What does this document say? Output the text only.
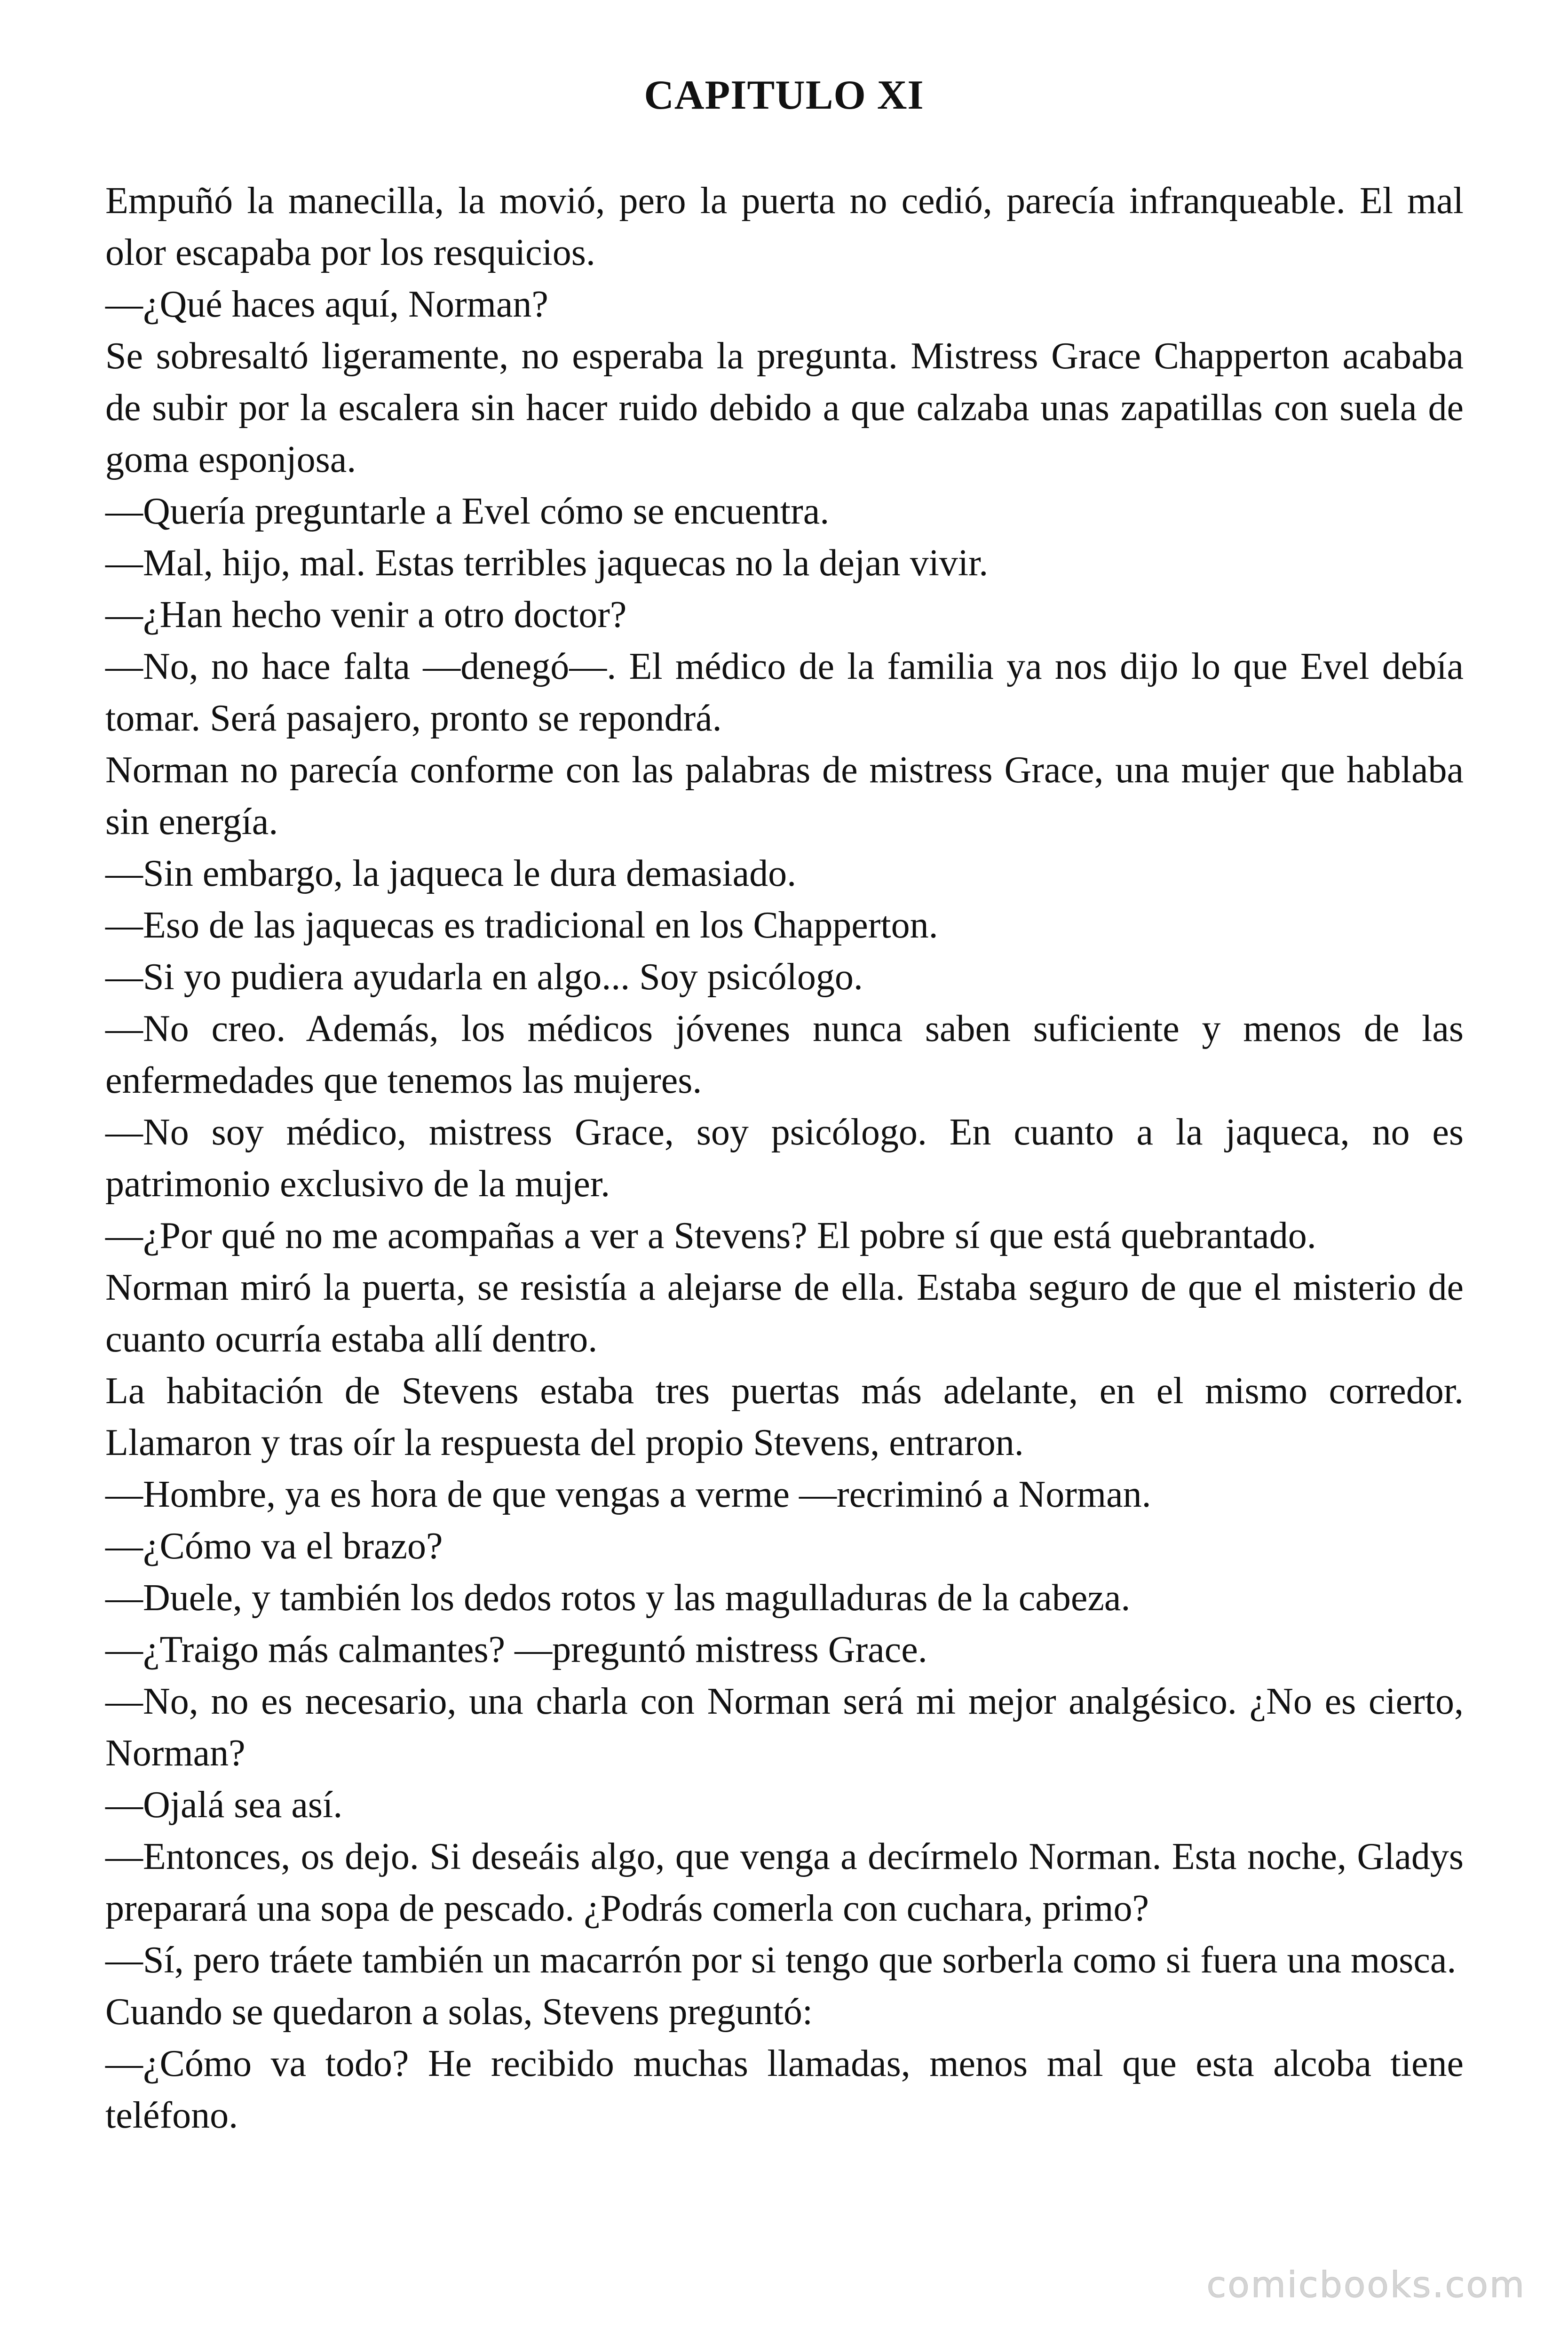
CAPITULO XI

Empuñó la manecilla, la movió, pero la puerta no cedió, parecía infranqueable. El mal olor escapaba por los resquicios.

—¿Qué haces aquí, Norman?

Se sobresaltó ligeramente, no esperaba la pregunta. Mistress Grace Chapperton acababa de subir por la escalera sin hacer ruido debido a que calzaba unas zapatillas con suela de goma esponjosa.

—Quería preguntarle a Evel cómo se encuentra.

—Mal, hijo, mal. Estas terribles jaquecas no la dejan vivir.

—¿Han hecho venir a otro doctor?

—No, no hace falta —denegó—. El médico de la familia ya nos dijo lo que Evel debía tomar. Será pasajero, pronto se repondrá.

Norman no parecía conforme con las palabras de mistress Grace, una mujer que hablaba sin energía.

—Sin embargo, la jaqueca le dura demasiado.

—Eso de las jaquecas es tradicional en los Chapperton.

—Si yo pudiera ayudarla en algo... Soy psicólogo.

—No creo. Además, los médicos jóvenes nunca saben suficiente y menos de las enfermedades que tenemos las mujeres.

—No soy médico, mistress Grace, soy psicólogo. En cuanto a la jaqueca, no es patrimonio exclusivo de la mujer.

—¿Por qué no me acompañas a ver a Stevens? El pobre sí que está quebrantado.

Norman miró la puerta, se resistía a alejarse de ella. Estaba seguro de que el misterio de cuanto ocurría estaba allí dentro.

La habitación de Stevens estaba tres puertas más adelante, en el mismo corredor. Llamaron y tras oír la respuesta del propio Stevens, entraron.

—Hombre, ya es hora de que vengas a verme —recriminó a Norman.

—¿Cómo va el brazo?

—Duele, y también los dedos rotos y las magulladuras de la cabeza.

—¿Traigo más calmantes? —preguntó mistress Grace.

—No, no es necesario, una charla con Norman será mi mejor analgésico. ¿No es cierto, Norman?

—Ojalá sea así.

—Entonces, os dejo. Si deseáis algo, que venga a decírmelo Norman. Esta noche, Gladys preparará una sopa de pescado. ¿Podrás comerla con cuchara, primo?

—Sí, pero tráete también un macarrón por si tengo que sorberla como si fuera una mosca.

Cuando se quedaron a solas, Stevens preguntó:

—¿Cómo va todo? He recibido muchas llamadas, menos mal que esta alcoba tiene teléfono.

comicbooks.com
